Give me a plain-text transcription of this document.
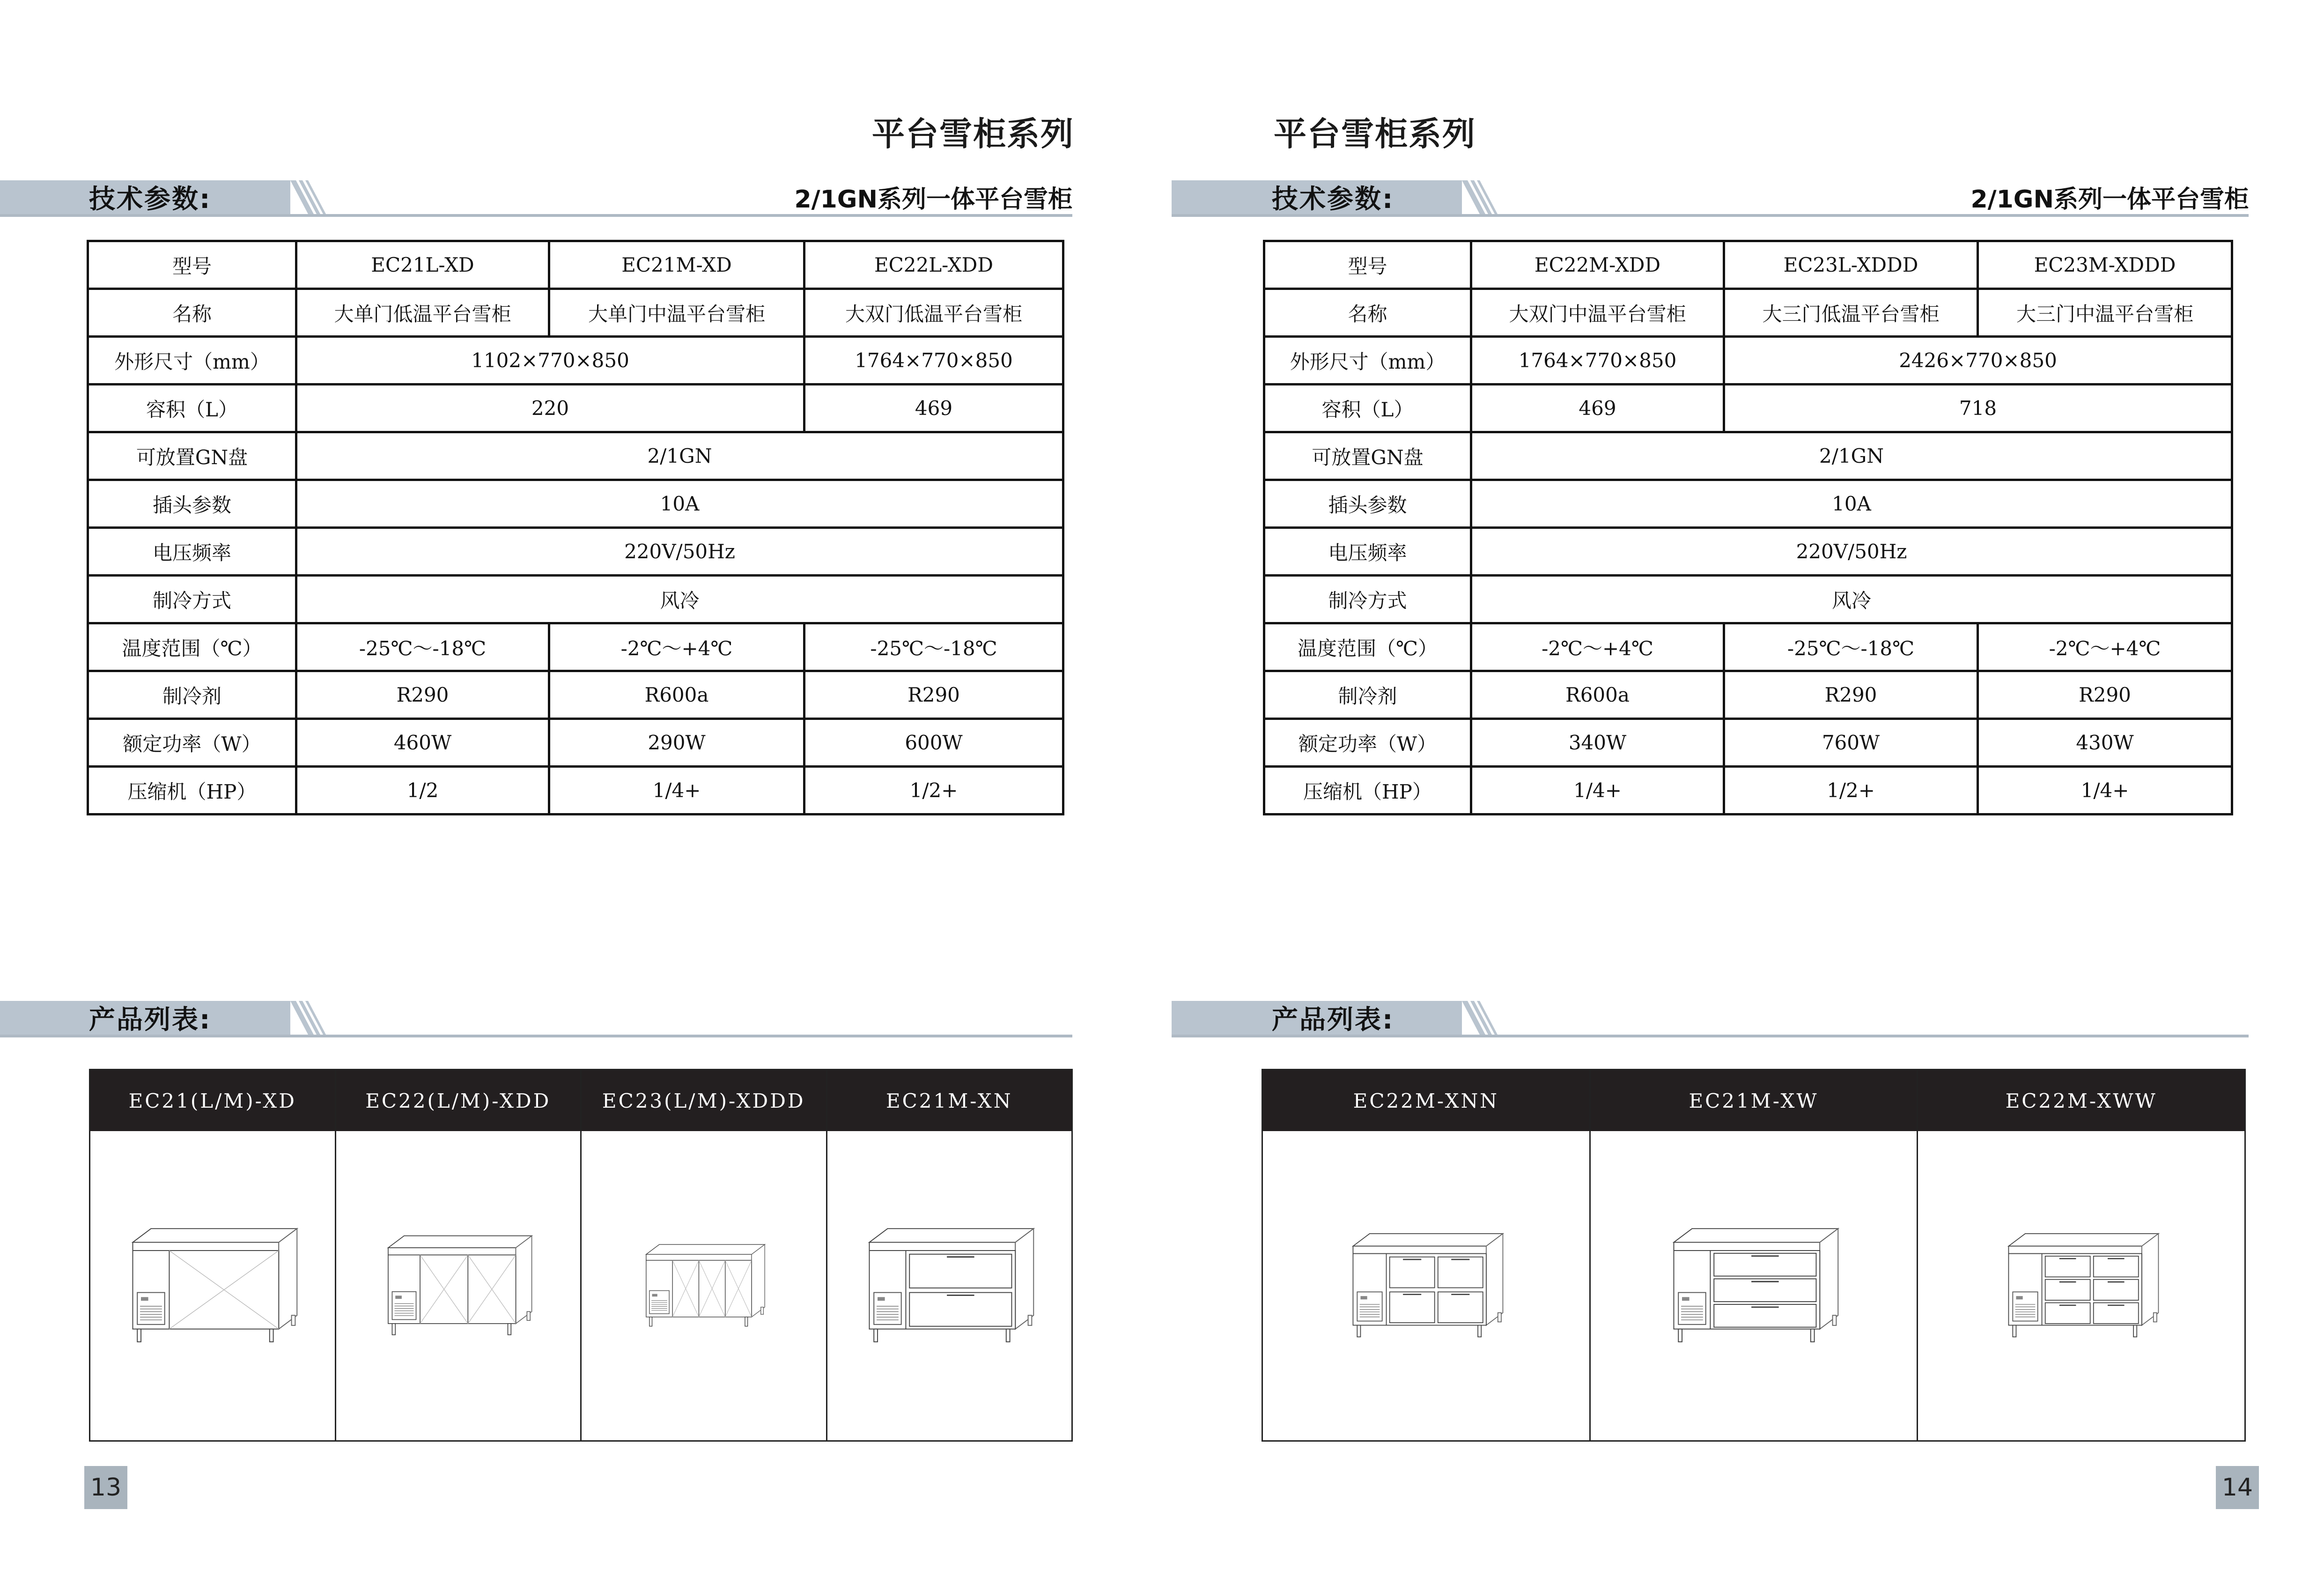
平台雪柜系列
技术参数:	2/1GN系列一体平台雪柜
型号	EC21L-XD	EC21M-XD	EC22L-XDD
名称	大单门低温平台雪柜	大单门中温平台雪柜	大双门低温平台雪柜
外形尺寸（mm）	1102×770×850		1764×770×850
容积（L）	220		469
可放置GN盘	2/1GN		
插头参数	10A		
电压频率	220V/50Hz		
制冷方式	风冷		
温度范围（℃）	-25℃～-18℃	-2℃～+4℃	-25℃～-18℃
制冷剂	R290	R600a	R290
额定功率（W）	460W	290W	600W
压缩机（HP）	1/2	1/4+	1/2+
产品列表:
EC21(L/M)-XD	EC22(L/M)-XDD	EC23(L/M)-XDDD	EC21M-XN
13
平台雪柜系列
技术参数:	2/1GN系列一体平台雪柜
型号	EC22M-XDD	EC23L-XDDD	EC23M-XDDD
名称	大双门中温平台雪柜	大三门低温平台雪柜	大三门中温平台雪柜
外形尺寸（mm）	1764×770×850	2426×770×850	
容积（L）	469	718	
可放置GN盘	2/1GN		
插头参数	10A		
电压频率	220V/50Hz		
制冷方式	风冷		
温度范围（℃）	-2℃～+4℃	-25℃～-18℃	-2℃～+4℃
制冷剂	R600a	R290	R290
额定功率（W）	340W	760W	430W
压缩机（HP）	1/4+	1/2+	1/4+
产品列表:
EC22M-XNN	EC21M-XW	EC22M-XWW
14
